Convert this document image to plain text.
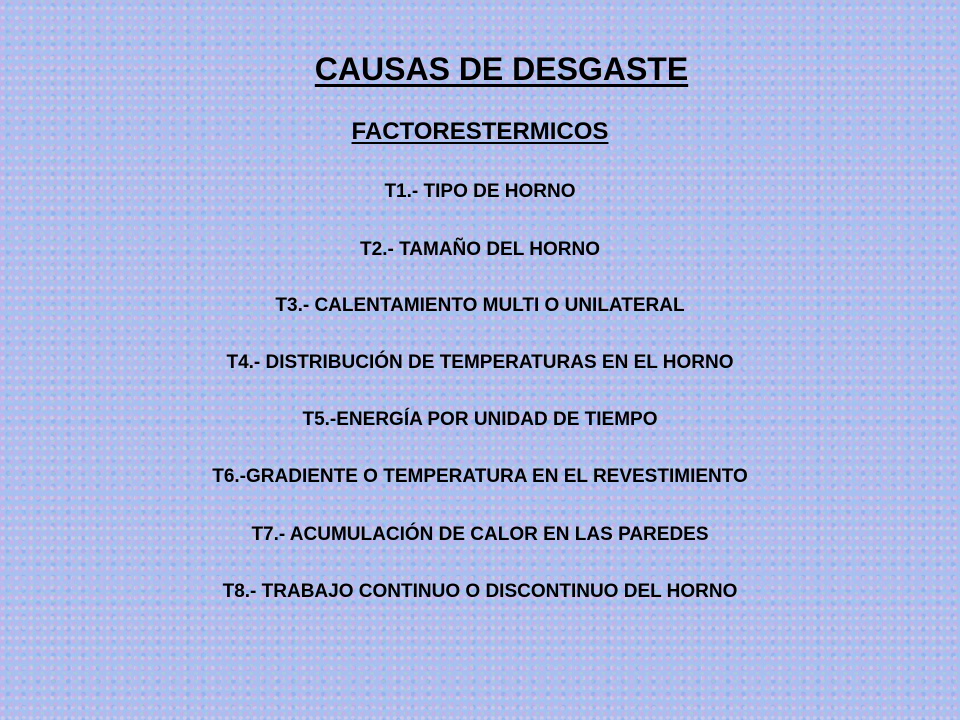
CAUSAS DE DESGASTE
FACTORESTERMICOS
T1.- TIPO DE HORNO
T2.- TAMAÑO DEL HORNO
T3.- CALENTAMIENTO MULTI O UNILATERAL
T4.- DISTRIBUCIÓN DE TEMPERATURAS EN EL HORNO
T5.-ENERGÍA POR UNIDAD DE TIEMPO
T6.-GRADIENTE O TEMPERATURA EN EL REVESTIMIENTO
T7.- ACUMULACIÓN DE CALOR EN LAS PAREDES
T8.- TRABAJO CONTINUO O DISCONTINUO DEL HORNO
